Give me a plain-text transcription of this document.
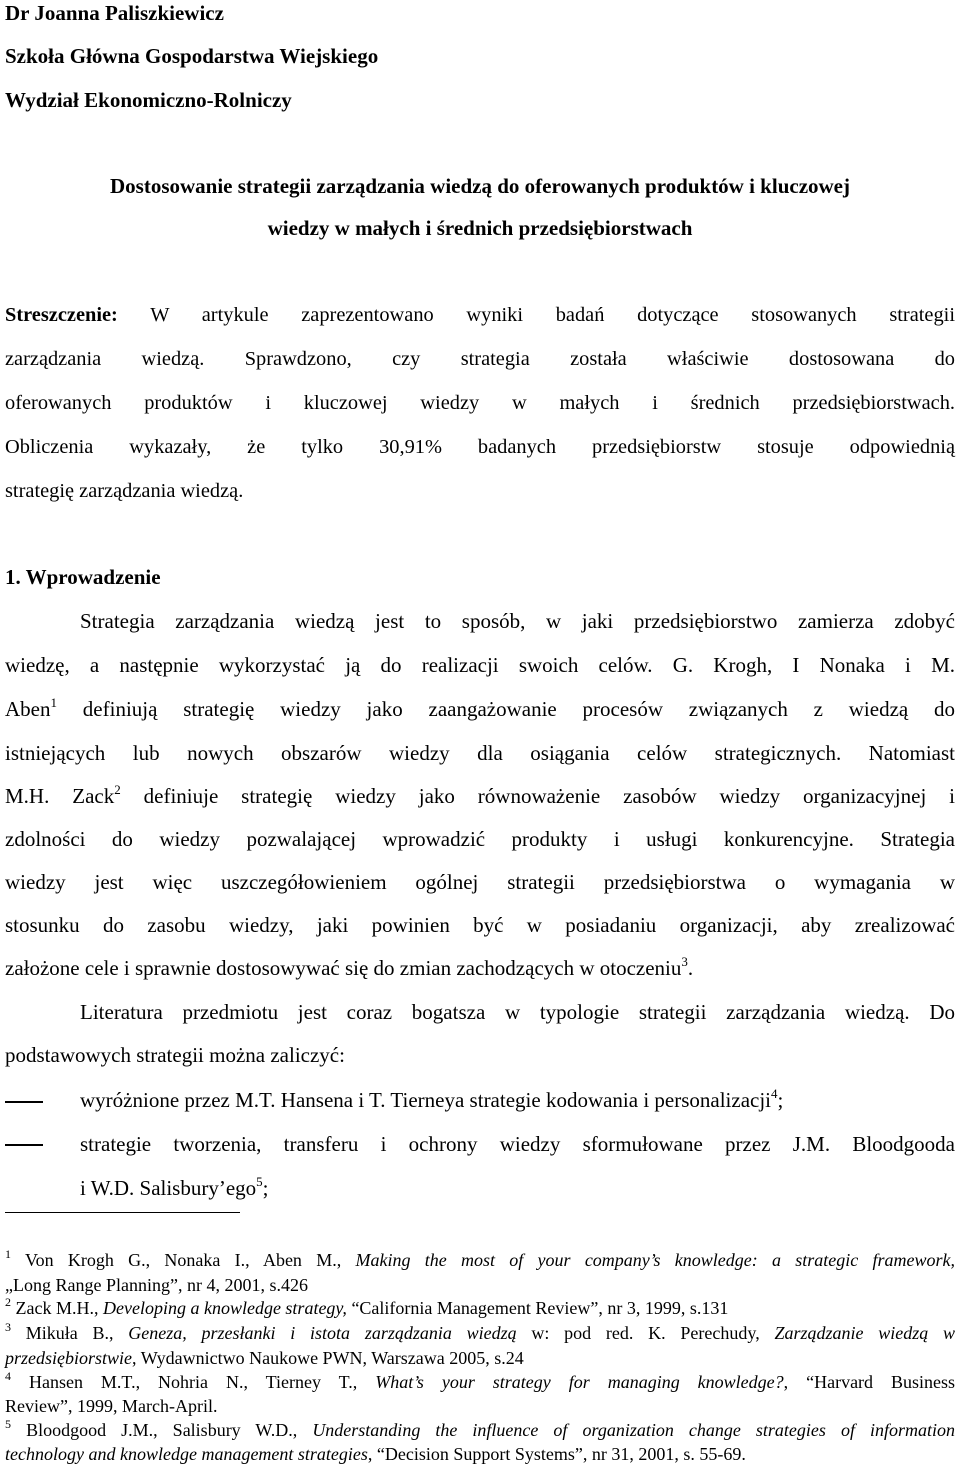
Dr Joanna Paliszkiewicz

Szkoła Główna Gospodarstwa Wiejskiego

Wydział Ekonomiczno-Rolniczy

Dostosowanie strategii zarządzania wiedzą do oferowanych produktów i kluczowej

wiedzy w małych i średnich przedsiębiorstwach

Streszczenie: W artykule zaprezentowano wyniki badań dotyczące stosowanych strategii

zarządzania wiedzą. Sprawdzono, czy strategia została właściwie dostosowana do

oferowanych produktów i kluczowej wiedzy w małych i średnich przedsiębiorstwach.

Obliczenia wykazały, że tylko 30,91% badanych przedsiębiorstw stosuje odpowiednią

strategię zarządzania wiedzą.

1. Wprowadzenie

Strategia zarządzania wiedzą jest to sposób, w jaki przedsiębiorstwo zamierza zdobyć

wiedzę, a następnie wykorzystać ją do realizacji swoich celów. G. Krogh, I Nonaka i M.

Aben$^1$ definiują strategię wiedzy jako zaangażowanie procesów związanych z wiedzą do

istniejących lub nowych obszarów wiedzy dla osiągania celów strategicznych. Natomiast

M.H. Zack$^2$ definiuje strategię wiedzy jako równoważenie zasobów wiedzy organizacyjnej i

zdolności do wiedzy pozwalającej wprowadzić produkty i usługi konkurencyjne. Strategia

wiedzy jest więc uszczegółowieniem ogólnej strategii przedsiębiorstwa o wymagania w

stosunku do zasobu wiedzy, jaki powinien być w posiadaniu organizacji, aby zrealizować

założone cele i sprawnie dostosowywać się do zmian zachodzących w otoczeniu$^3$.

Literatura przedmiotu jest coraz bogatsza w typologie strategii zarządzania wiedzą. Do

podstawowych strategii można zaliczyć:

wyróżnione przez M.T. Hansena i T. Tierneya strategie kodowania i personalizacji$^4$;

strategie tworzenia, transferu i ochrony wiedzy sformułowane przez J.M. Bloodgooda

i W.D. Salisbury’ego$^5$;

$^1$ Von Krogh G., Nonaka I., Aben M., Making the most of your company’s knowledge: a strategic framework,

„Long Range Planning”, nr 4, 2001, s.426

$^2$ Zack M.H., Developing a knowledge strategy, “California Management Review”, nr 3, 1999, s.131

$^3$ Mikuła B., Geneza, przesłanki i istota zarządzania wiedzą w: pod red. K. Perechudy, Zarządzanie wiedzą w

przedsiębiorstwie, Wydawnictwo Naukowe PWN, Warszawa 2005, s.24

$^4$ Hansen M.T., Nohria N., Tierney T., What’s your strategy for managing knowledge?, “Harvard Business

Review”, 1999, March-April.

$^5$ Bloodgood J.M., Salisbury W.D., Understanding the influence of organization change strategies of information

technology and knowledge management strategies, “Decision Support Systems”, nr 31, 2001, s. 55-69.
